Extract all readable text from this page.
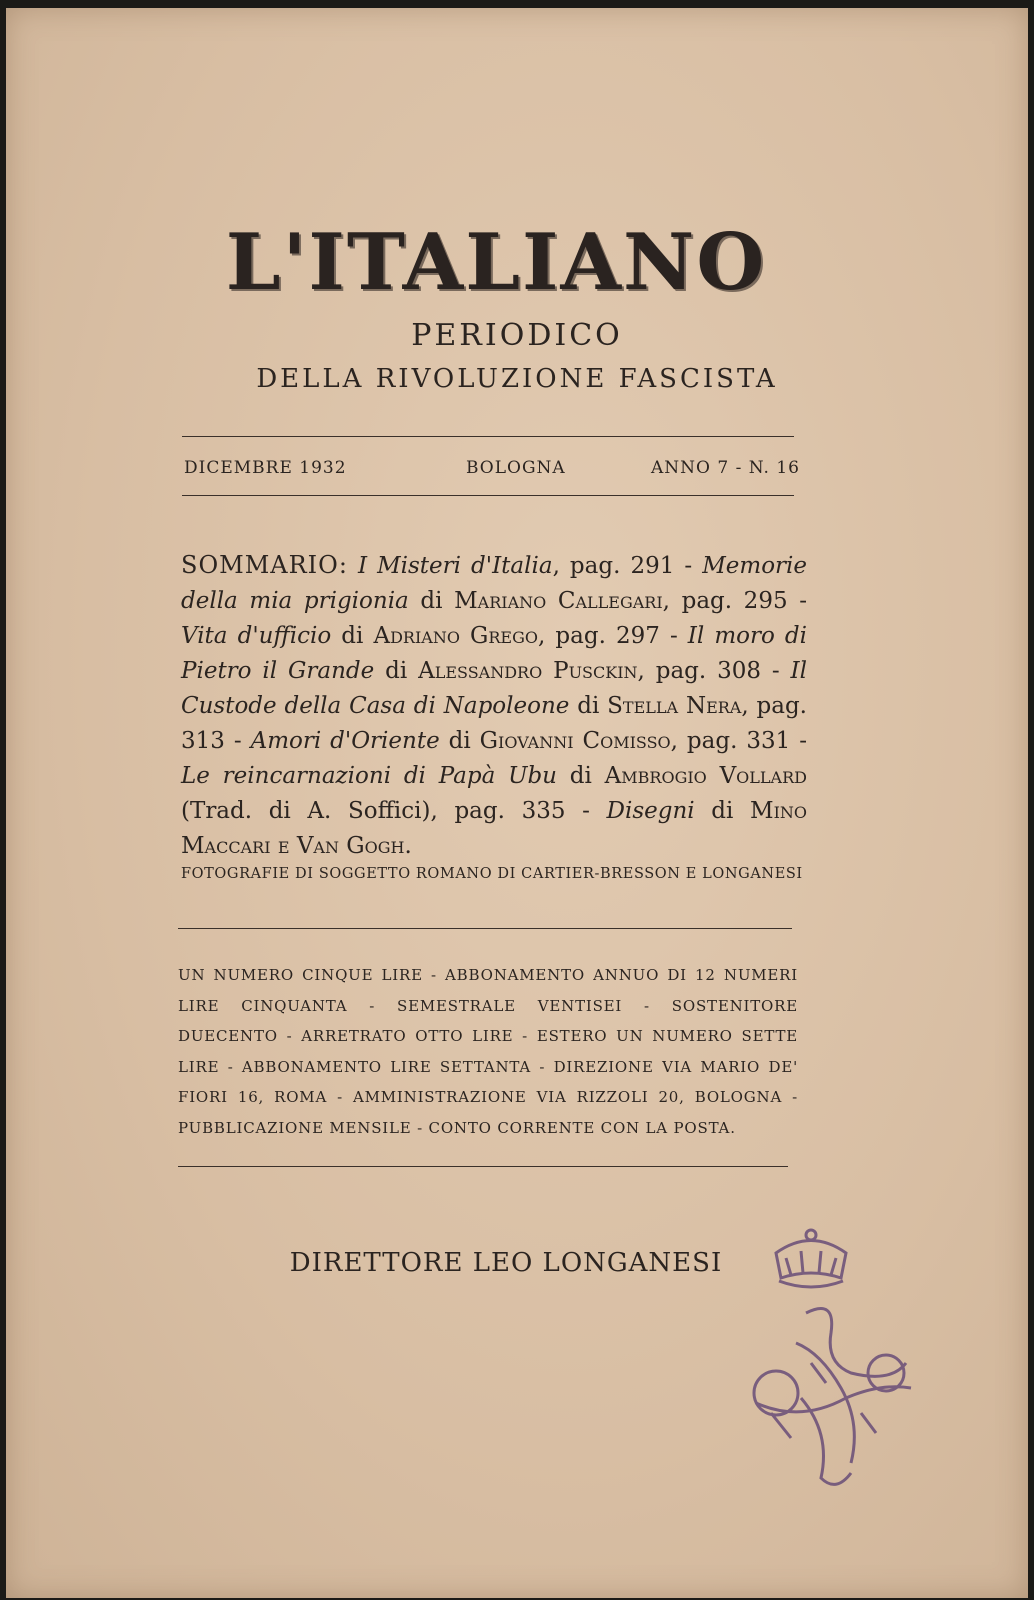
L'ITALIANO
PERIODICO
DELLA RIVOLUZIONE FASCISTA
DICEMBRE 1932	BOLOGNA	ANNO 7 - N. 16
SOMMARIO: I Misteri d'Italia, pag. 291 - Memorie della mia prigionia di Mariano Callegari, pag. 295 - Vita d'ufficio di Adriano Grego, pag. 297 - Il moro di Pietro il Grande di Alessandro Pusckin, pag. 308 - Il Custode della Casa di Napoleone di Stella Nera, pag. 313 - Amori d'Oriente di Giovanni Comisso, pag. 331 - Le reincarnazioni di Papà Ubu di Ambrogio Vollard (Trad. di A. Soffici), pag. 335 - Disegni di Mino Maccari e Van Gogh.
FOTOGRAFIE DI SOGGETTO ROMANO DI CARTIER-BRESSON E LONGANESI
UN NUMERO CINQUE LIRE - ABBONAMENTO ANNUO DI 12 NUMERI LIRE CINQUANTA - SEMESTRALE VENTISEI - SOSTENITORE DUECENTO - ARRETRATO OTTO LIRE - ESTERO UN NUMERO SETTE LIRE - ABBONAMENTO LIRE SETTANTA - DIREZIONE VIA MARIO DE' FIORI 16, ROMA - AMMINISTRAZIONE VIA RIZZOLI 20, BOLOGNA - PUBBLICAZIONE MENSILE - CONTO CORRENTE CON LA POSTA.
DIRETTORE LEO LONGANESI
